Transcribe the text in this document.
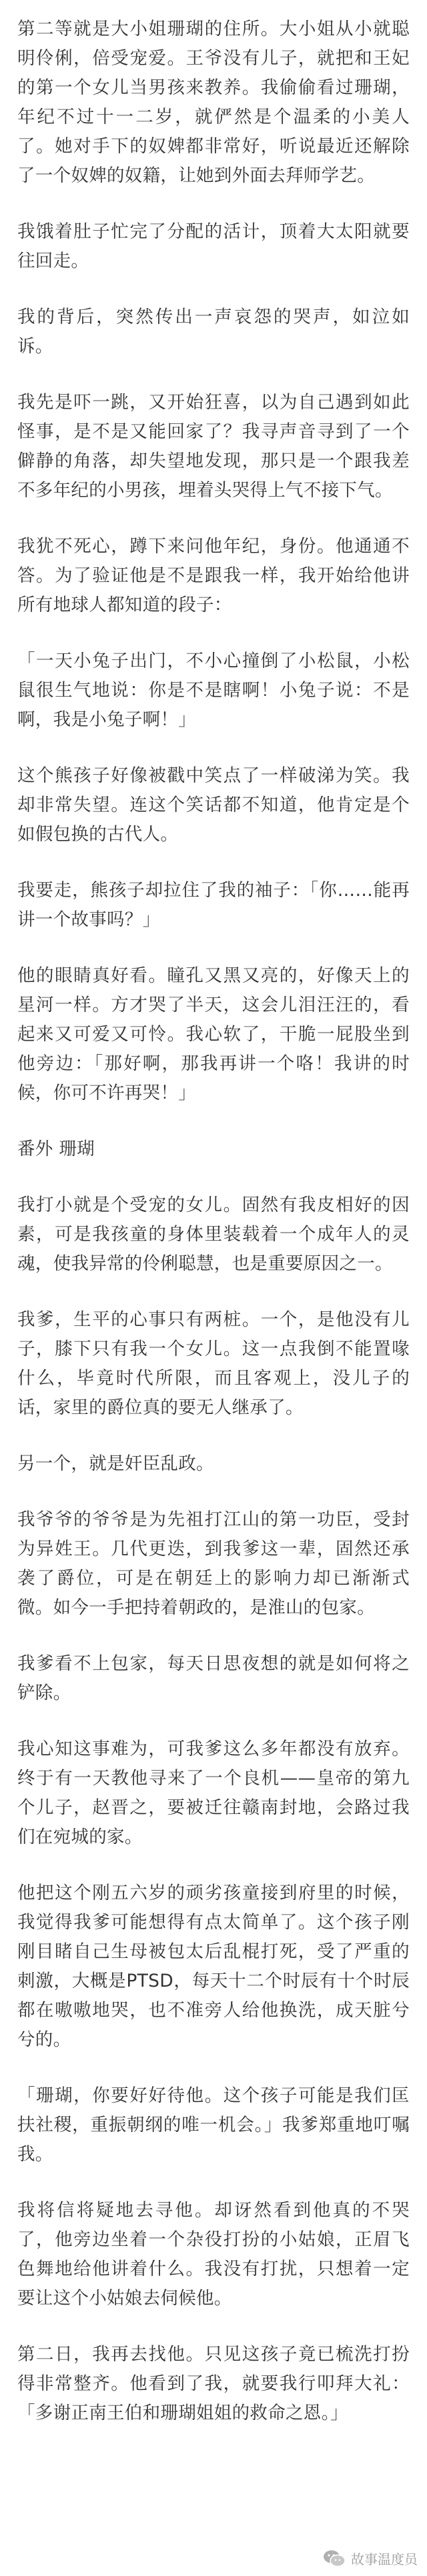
第二等就是大小姐珊瑚的住所。大小姐从小就聪明伶俐，倍受宠爱。王爷没有儿子，就把和王妃的第一个女儿当男孩来教养。我偷偷看过珊瑚，年纪不过十一二岁，就俨然是个温柔的小美人了。她对手下的奴婢都非常好，听说最近还解除了一个奴婢的奴籍，让她到外面去拜师学艺。

我饿着肚子忙完了分配的活计，顶着大太阳就要往回走。

我的背后，突然传出一声哀怨的哭声，如泣如诉。

我先是吓一跳，又开始狂喜，以为自己遇到如此怪事，是不是又能回家了？我寻声音寻到了一个僻静的角落，却失望地发现，那只是一个跟我差不多年纪的小男孩，埋着头哭得上气不接下气。

我犹不死心，蹲下来问他年纪，身份。他通通不答。为了验证他是不是跟我一样，我开始给他讲所有地球人都知道的段子：

「一天小兔子出门，不小心撞倒了小松鼠，小松鼠很生气地说：你是不是瞎啊！小兔子说：不是啊，我是小兔子啊！」

这个熊孩子好像被戳中笑点了一样破涕为笑。我却非常失望。连这个笑话都不知道，他肯定是个如假包换的古代人。

我要走，熊孩子却拉住了我的袖子：「你……能再讲一个故事吗？」

他的眼睛真好看。瞳孔又黑又亮的，好像天上的星河一样。方才哭了半天，这会儿泪汪汪的，看起来又可爱又可怜。我心软了，干脆一屁股坐到他旁边：「那好啊，那我再讲一个咯！我讲的时候，你可不许再哭！」

番外 珊瑚

我打小就是个受宠的女儿。固然有我皮相好的因素，可是我孩童的身体里装载着一个成年人的灵魂，使我异常的伶俐聪慧，也是重要原因之一。

我爹，生平的心事只有两桩。一个，是他没有儿子，膝下只有我一个女儿。这一点我倒不能置喙什么，毕竟时代所限，而且客观上，没儿子的话，家里的爵位真的要无人继承了。

另一个，就是奸臣乱政。

我爷爷的爷爷是为先祖打江山的第一功臣，受封为异姓王。几代更迭，到我爹这一辈，固然还承袭了爵位，可是在朝廷上的影响力却已渐渐式微。如今一手把持着朝政的，是淮山的包家。

我爹看不上包家，每天日思夜想的就是如何将之铲除。

我心知这事难为，可我爹这么多年都没有放弃。终于有一天教他寻来了一个良机——皇帝的第九个儿子，赵晋之，要被迁往赣南封地，会路过我们在宛城的家。

他把这个刚五六岁的顽劣孩童接到府里的时候，我觉得我爹可能想得有点太简单了。这个孩子刚刚目睹自己生母被包太后乱棍打死，受了严重的刺激，大概是PTSD，每天十二个时辰有十个时辰都在嗷嗷地哭，也不准旁人给他换洗，成天脏兮兮的。

「珊瑚，你要好好待他。这个孩子可能是我们匡扶社稷，重振朝纲的唯一机会。」我爹郑重地叮嘱我。

我将信将疑地去寻他。却讶然看到他真的不哭了，他旁边坐着一个杂役打扮的小姑娘，正眉飞色舞地给他讲着什么。我没有打扰，只想着一定要让这个小姑娘去伺候他。

第二日，我再去找他。只见这孩子竟已梳洗打扮得非常整齐。他看到了我，就要我行叩拜大礼：「多谢正南王伯和珊瑚姐姐的救命之恩。」

故事温度员
